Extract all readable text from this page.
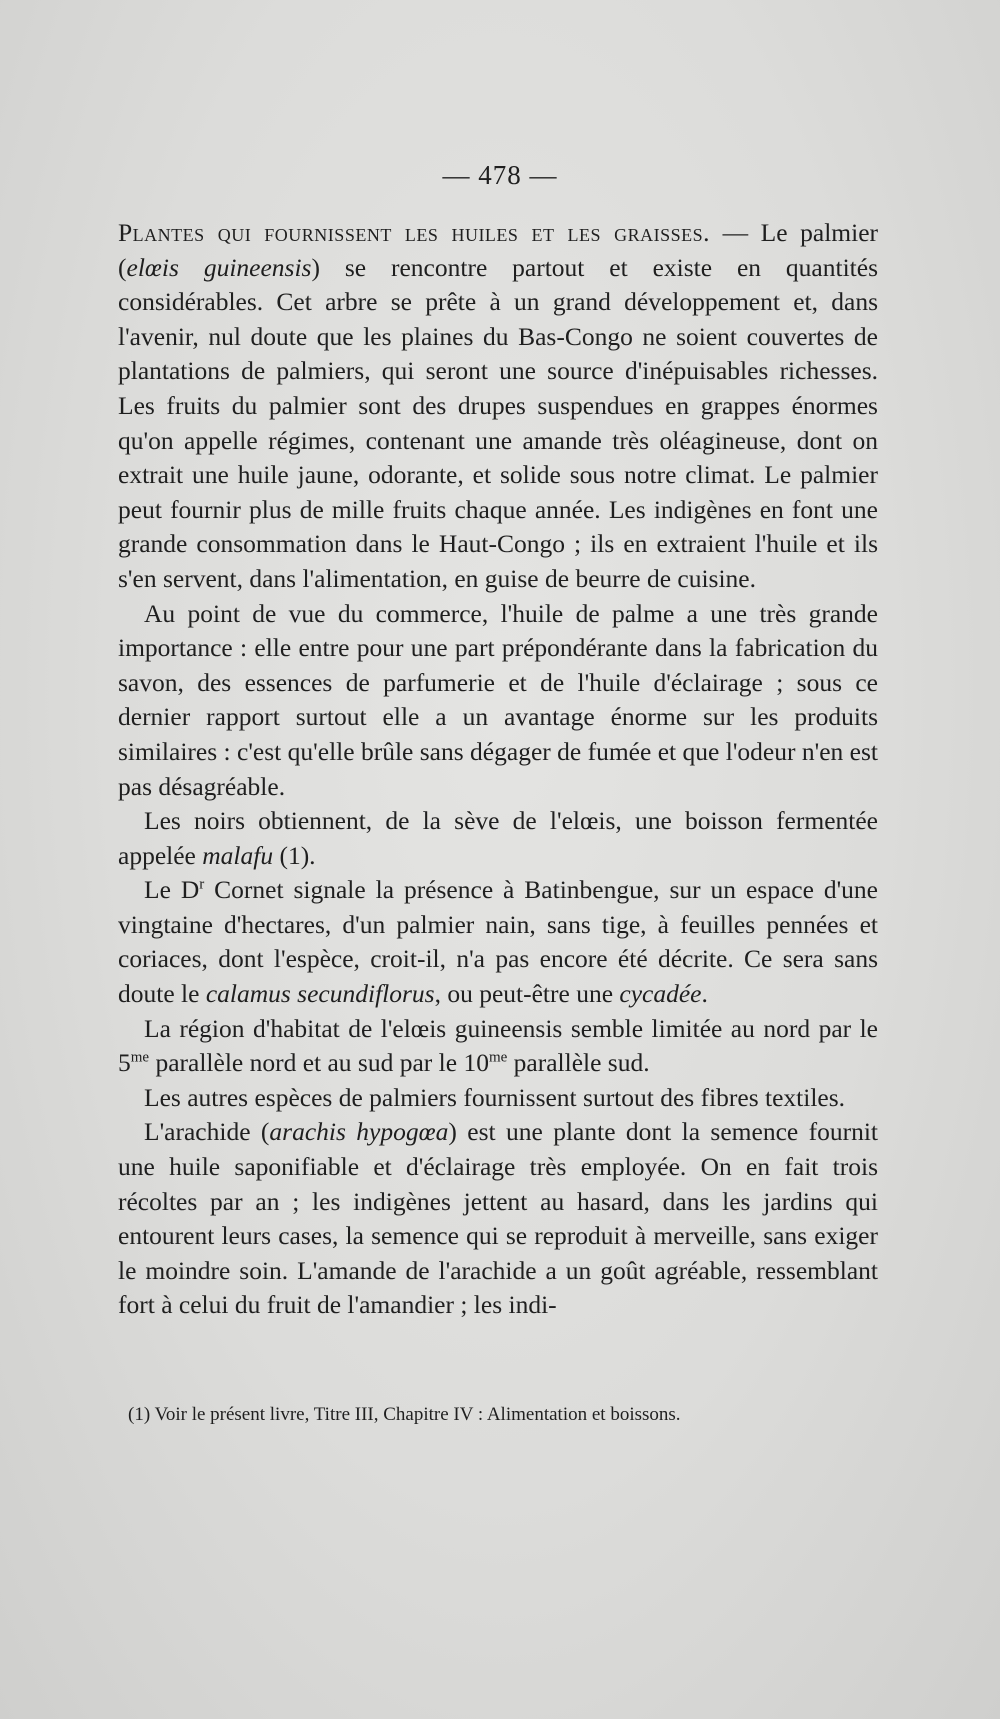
— 478 —

Plantes qui fournissent les huiles et les graisses. — Le palmier (elœis guineensis) se rencontre partout et existe en quantités considérables. Cet arbre se prête à un grand développement et, dans l'avenir, nul doute que les plaines du Bas-Congo ne soient couvertes de plantations de palmiers, qui seront une source d'inépuisables richesses. Les fruits du palmier sont des drupes suspendues en grappes énormes qu'on appelle régimes, contenant une amande très oléagineuse, dont on extrait une huile jaune, odorante, et solide sous notre climat. Le palmier peut fournir plus de mille fruits chaque année. Les indigènes en font une grande consommation dans le Haut-Congo ; ils en extraient l'huile et ils s'en servent, dans l'alimentation, en guise de beurre de cuisine.

Au point de vue du commerce, l'huile de palme a une très grande importance : elle entre pour une part prépondérante dans la fabrication du savon, des essences de parfumerie et de l'huile d'éclairage ; sous ce dernier rapport surtout elle a un avantage énorme sur les produits similaires : c'est qu'elle brûle sans dégager de fumée et que l'odeur n'en est pas désagréable.

Les noirs obtiennent, de la sève de l'elœis, une boisson fermentée appelée malafu (1).

Le $D^r$ Cornet signale la présence à Batinbengue, sur un espace d'une vingtaine d'hectares, d'un palmier nain, sans tige, à feuilles pennées et coriaces, dont l'espèce, croit-il, n'a pas encore été décrite. Ce sera sans doute le calamus secundiflorus, ou peut-être une cycadée.

La région d'habitat de l'elœis guineensis semble limitée au nord par le $5^{me}$ parallèle nord et au sud par le $10^{me}$ parallèle sud.

Les autres espèces de palmiers fournissent surtout des fibres textiles.

L'arachide (arachis hypogœa) est une plante dont la semence fournit une huile saponifiable et d'éclairage très employée. On en fait trois récoltes par an ; les indigènes jettent au hasard, dans les jardins qui entourent leurs cases, la semence qui se reproduit à merveille, sans exiger le moindre soin. L'amande de l'arachide a un goût agréable, ressemblant fort à celui du fruit de l'amandier ; les indi-

(1) Voir le présent livre, Titre III, Chapitre IV : Alimentation et boissons.
